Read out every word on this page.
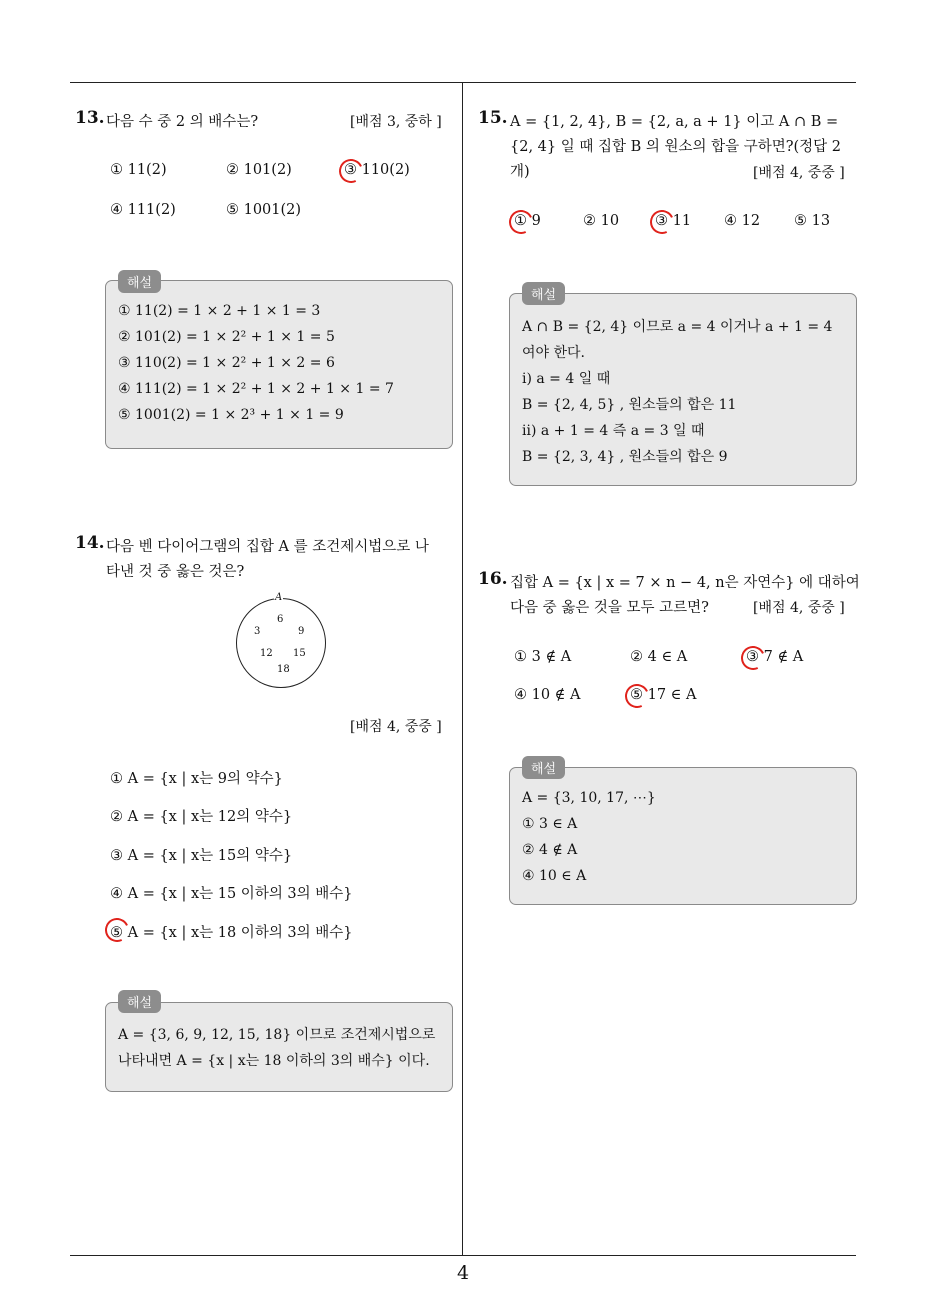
13. 다음 수 중 2 의 배수는?	[배점 3, 중하 ]
① 11(2)	② 101(2)	③ 110(2)
④ 111(2)	⑤ 1001(2)
해설
① 11(2) = 1 × 2 + 1 × 1 = 3
② 101(2) = 1 × 2² + 1 × 1 = 5
③ 110(2) = 1 × 2² + 1 × 2 = 6
④ 111(2) = 1 × 2² + 1 × 2 + 1 × 1 = 7
⑤ 1001(2) = 1 × 2³ + 1 × 1 = 9
14. 다음 벤 다이어그램의 집합 A 를 조건제시법으로 나
타낸 것 중 옳은 것은?
A
6
3	9
12 15
18
[배점 4, 중중 ]
① A = {x | x는 9의 약수}
② A = {x | x는 12의 약수}
③ A = {x | x는 15의 약수}
④ A = {x | x는 15 이하의 3의 배수}
⑤ A = {x | x는 18 이하의 3의 배수}
해설
A = {3, 6, 9, 12, 15, 18} 이므로 조건제시법으로
나타내면 A = {x | x는 18 이하의 3의 배수} 이다.
15. A = {1, 2, 4}, B = {2, a, a + 1} 이고 A ∩ B =
{2, 4} 일 때 집합 B 의 원소의 합을 구하면?(정답 2
개)	[배점 4, 중중 ]
① 9	② 10 ③ 11 ④ 12 ⑤ 13
해설
A ∩ B = {2, 4} 이므로 a = 4 이거나 a + 1 = 4
여야 한다.
ⅰ) a = 4 일 때
B = {2, 4, 5} , 원소들의 합은 11
ⅱ) a + 1 = 4 즉 a = 3 일 때
B = {2, 3, 4} , 원소들의 합은 9
16. 집합 A = {x | x = 7 × n − 4, n은 자연수} 에 대하여
다음 중 옳은 것을 모두 고르면?	[배점 4, 중중 ]
① 3 ∉ A	② 4 ∈ A	③ 7 ∉ A
④ 10 ∉ A	⑤ 17 ∈ A
해설
A = {3, 10, 17, ⋯}
① 3 ∈ A
② 4 ∉ A
④ 10 ∈ A
4
